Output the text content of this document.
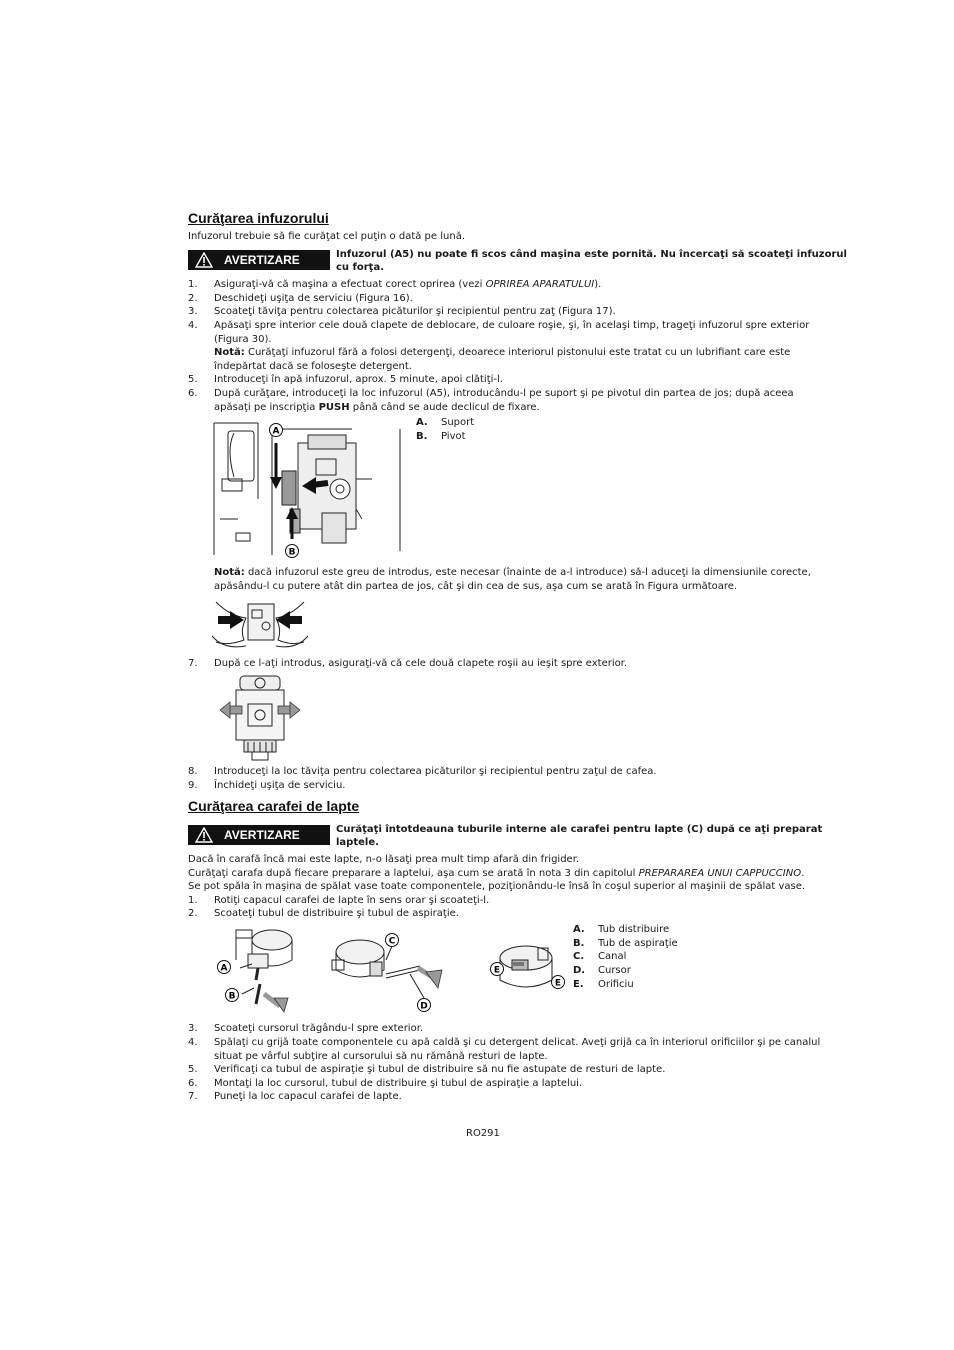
Curăţarea infuzorului
Infuzorul trebuie să fie curăţat cel puţin o dată pe lună.
AVERTIZARE	Infuzorul (A5) nu poate fi scos când maşina este pornită. Nu încercaţi să scoateţi infuzorul
cu forţa.
1. Asiguraţi-vă că maşina a efectuat corect oprirea (vezi OPRIREA APARATULUI).
2. Deschideţi uşiţa de serviciu (Figura 16).
3. Scoateţi tăviţa pentru colectarea picăturilor şi recipientul pentru zaţ (Figura 17).
4. Apăsaţi spre interior cele două clapete de deblocare, de culoare roşie, şi, în acelaşi timp, trageţi infuzorul spre exterior
(Figura 30).
Notă: Curăţaţi infuzorul fără a folosi detergenţi, deoarece interiorul pistonului este tratat cu un lubrifiant care este
îndepărtat dacă se foloseşte detergent.
5. Introduceţi în apă infuzorul, aprox. 5 minute, apoi clătiţi-l.
6. După curăţare, introduceţi la loc infuzorul (A5), introducându-l pe suport şi pe pivotul din partea de jos; după aceea
apăsaţi pe inscripţia PUSH până când se aude declicul de fixare.
A
B
A. Suport
B. Pivot
Notă: dacă infuzorul este greu de introdus, este necesar (înainte de a-l introduce) să-l aduceţi la dimensiunile corecte,
apăsându-l cu putere atât din partea de jos, cât şi din cea de sus, aşa cum se arată în Figura următoare.
7. După ce l-aţi introdus, asiguraţi-vă că cele două clapete roşii au ieşit spre exterior.
8. Introduceţi la loc tăviţa pentru colectarea picăturilor şi recipientul pentru zaţul de cafea.
9. Închideţi uşiţa de serviciu.
Curăţarea carafei de lapte
AVERTIZARE	Curăţaţi întotdeauna tuburile interne ale carafei pentru lapte (C) după ce aţi preparat
laptele.
Dacă în carafă încă mai este lapte, n-o lăsaţi prea mult timp afară din frigider.
Curăţaţi carafa după fiecare preparare a laptelui, aşa cum se arată în nota 3 din capitolul PREPARAREA UNUI CAPPUCCINO.
Se pot spăla în maşina de spălat vase toate componentele, poziţionându-le însă în coşul superior al maşinii de spălat vase.
1. Rotiţi capacul carafei de lapte în sens orar şi scoateţi-l.
2. Scoateţi tubul de distribuire şi tubul de aspiraţie.
A
B
C
D
E
E
A. Tub distribuire
B. Tub de aspiraţie
C. Canal
D. Cursor
E. Orificiu
3. Scoateţi cursorul trăgându-l spre exterior.
4. Spălaţi cu grijă toate componentele cu apă caldă şi cu detergent delicat. Aveţi grijă ca în interiorul orificiilor şi pe canalul
situat pe vârful subţire al cursorului să nu rămână resturi de lapte.
5. Verificaţi ca tubul de aspiraţie şi tubul de distribuire să nu fie astupate de resturi de lapte.
6. Montaţi la loc cursorul, tubul de distribuire şi tubul de aspiraţie a laptelui.
7. Puneţi la loc capacul carafei de lapte.
RO291
